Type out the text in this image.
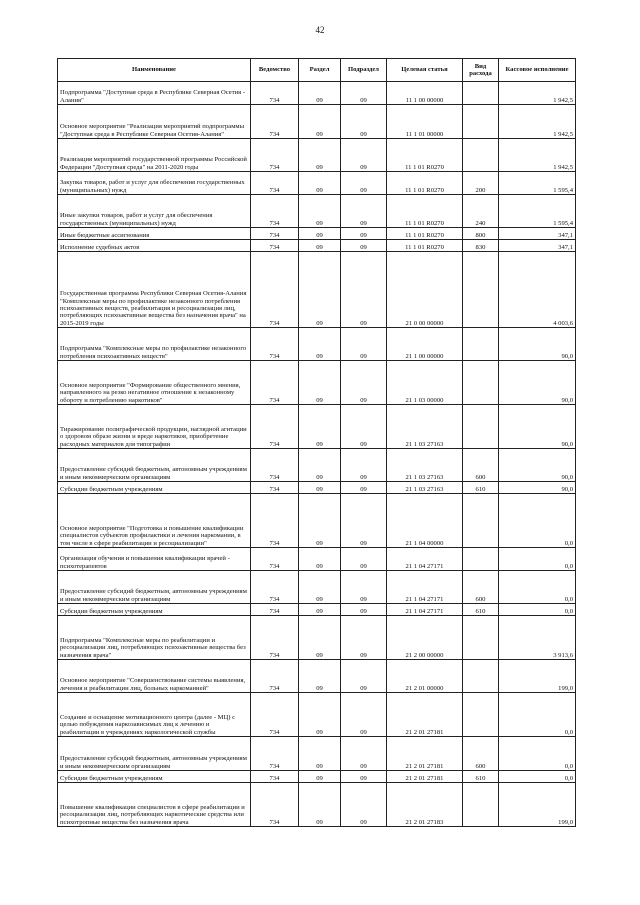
42
Наименование	Ведомство	Раздел	Подраздел	Целевая статья	Вид расхода	Кассовое исполнение
Подпрограмма "Доступная среда в Республике Северная Осетия - Алания"	734	09	09	11 1 00 00000		1 942,5
Основное мероприятие "Реализация мероприятий подпрограммы "Доступная среда в Республике Северная Осетия-Алания"	734	09	09	11 1 01 00000		1 942,5
Реализация мероприятий государственной программы Российской Федерации "Доступная среда" на 2011-2020 годы	734	09	09	11 1 01 R0270		1 942,5
Закупка товаров, работ и услуг для обеспечения государственных (муниципальных) нужд	734	09	09	11 1 01 R0270	200	1 595,4
Иные закупки товаров, работ и услуг для обеспечения государственных (муниципальных) нужд	734	09	09	11 1 01 R0270	240	1 595,4
Иные бюджетные ассигнования	734	09	09	11 1 01 R0270	800	347,1
Исполнение судебных актов	734	09	09	11 1 01 R0270	830	347,1
Государственная программа Республики Северная Осетия-Алания "Комплексные меры по профилактике незаконного потребления психоактивных веществ, реабилитация и ресоциализация лиц, потребляющих психоактивные вещества без назначения врача" на 2015-2019 годы	734	09	09	21 0 00 00000		4 003,6
Подпрограмма "Комплексные меры по профилактике незаконного потребления психоактивных веществ"	734	09	09	21 1 00 00000		90,0
Основное мероприятие "Формирование общественного мнения, направленного на резко негативное отношение к незаконному обороту и потреблению наркотиков"	734	09	09	21 1 03 00000		90,0
Тиражирование полиграфической продукции, наглядной агитации о здоровом образе жизни и вреде наркотиков, приобретение расходных материалов для типографии	734	09	09	21 1 03 27163		90,0
Предоставление субсидий бюджетным, автономным учреждениям и иным некоммерческим организациям	734	09	09	21 1 03 27163	600	90,0
Субсидии бюджетным учреждениям	734	09	09	21 1 03 27163	610	90,0
Основное мероприятие "Подготовка и повышение квалификации специалистов субъектов профилактики и лечения наркомании, в том числе в сфере реабилитации и ресоциализации"	734	09	09	21 1 04 00000		0,0
Организация обучения и повышения квалификации врачей - психотерапевтов	734	09	09	21 1 04 27171		0,0
Предоставление субсидий бюджетным, автономным учреждениям и иным некоммерческим организациям	734	09	09	21 1 04 27171	600	0,0
Субсидии бюджетным учреждениям	734	09	09	21 1 04 27171	610	0,0
Подпрограмма "Комплексные меры по реабилитации и ресоциализации лиц, потребляющих психоактивные вещества без назначения врача"	734	09	09	21 2 00 00000		3 913,6
Основное мероприятие "Совершенствование системы выявления, лечения и реабилитации лиц, больных наркоманией"	734	09	09	21 2 01 00000		199,0
Создание и оснащение мотивационного центра (далее - МЦ) с целью побуждения наркозависимых лиц к лечению и реабилитации в учреждениях наркологической службы	734	09	09	21 2 01 27181		0,0
Предоставление субсидий бюджетным, автономным учреждениям и иным некоммерческим организациям	734	09	09	21 2 01 27181	600	0,0
Субсидии бюджетным учреждениям	734	09	09	21 2 01 27181	610	0,0
Повышение квалификации специалистов в сфере реабилитации и ресоциализации лиц, потребляющих наркотические средства или психотропные вещества без назначения врача	734	09	09	21 2 01 27183		199,0
